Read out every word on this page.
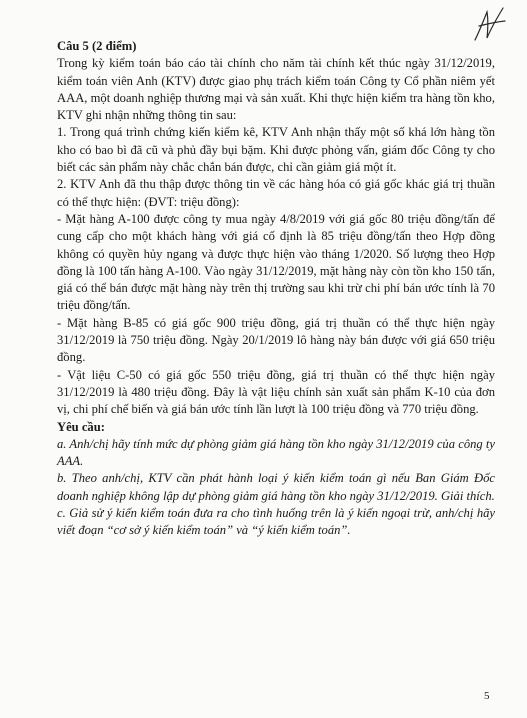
Câu 5 (2 điểm)

Trong kỳ kiểm toán báo cáo tài chính cho năm tài chính kết thúc ngày 31/12/2019, kiểm toán viên Anh (KTV) được giao phụ trách kiểm toán Công ty Cổ phần niêm yết AAA, một doanh nghiệp thương mại và sản xuất. Khi thực hiện kiểm tra hàng tồn kho, KTV ghi nhận những thông tin sau:

1. Trong quá trình chứng kiến kiểm kê, KTV Anh nhận thấy một số khá lớn hàng tồn kho có bao bì đã cũ và phủ đầy bụi bặm. Khi được phỏng vấn, giám đốc Công ty cho biết các sản phẩm này chắc chắn bán được, chỉ cần giảm giá một ít.

2. KTV Anh đã thu thập được thông tin về các hàng hóa có giá gốc khác giá trị thuần có thể thực hiện: (ĐVT: triệu đồng):

- Mặt hàng A-100 được công ty mua ngày 4/8/2019 với giá gốc 80 triệu đồng/tấn để cung cấp cho một khách hàng với giá cố định là 85 triệu đồng/tấn theo Hợp đồng không có quyền hủy ngang và được thực hiện vào tháng 1/2020. Số lượng theo Hợp đồng là 100 tấn hàng A-100. Vào ngày 31/12/2019, mặt hàng này còn tồn kho 150 tấn, giá có thể bán được mặt hàng này trên thị trường sau khi trừ chi phí bán ước tính là 70 triệu đồng/tấn.

- Mặt hàng B-85 có giá gốc 900 triệu đồng, giá trị thuần có thể thực hiện ngày 31/12/2019 là 750 triệu đồng. Ngày 20/1/2019 lô hàng này bán được với giá 650 triệu đồng.

- Vật liệu C-50 có giá gốc 550 triệu đồng, giá trị thuần có thể thực hiện ngày 31/12/2019 là 480 triệu đồng. Đây là vật liệu chính sản xuất sản phẩm K-10 của đơn vị, chi phí chế biến và giá bán ước tính lần lượt là 100 triệu đồng và 770 triệu đồng.

Yêu cầu:

a. Anh/chị hãy tính mức dự phòng giảm giá hàng tồn kho ngày 31/12/2019 của công ty AAA.

b. Theo anh/chị, KTV cần phát hành loại ý kiến kiểm toán gì nếu Ban Giám Đốc doanh nghiệp không lập dự phòng giảm giá hàng tồn kho ngày 31/12/2019. Giải thích.

c. Giả sử ý kiến kiểm toán đưa ra cho tình huống trên là ý kiến ngoại trừ, anh/chị hãy viết đoạn “cơ sở ý kiến kiểm toán” và “ý kiến kiểm toán”.

5
